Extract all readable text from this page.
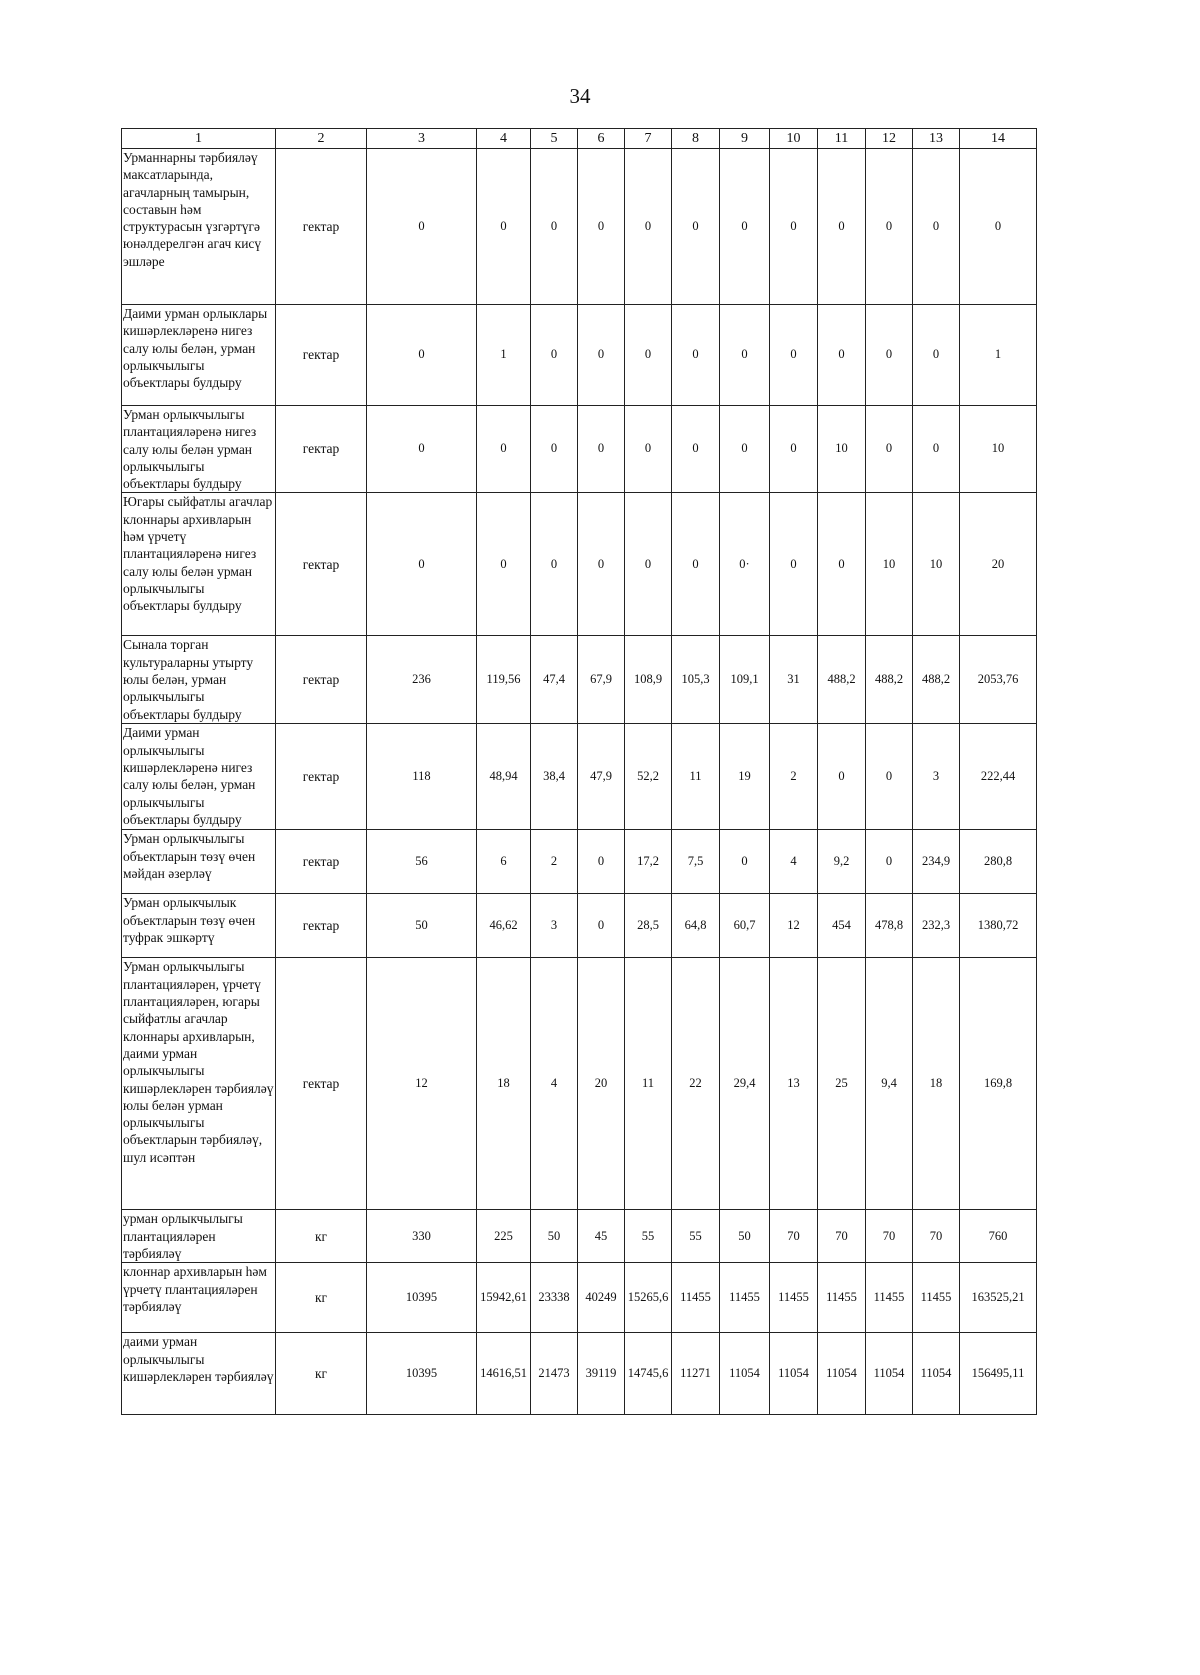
34
1	2	3	4	5	6	7	8	9	10	11	12	13	14
Урманнарны тәрбияләү максатларында, агачларның тамырын, составын һәм структурасын үзгәртүгә юнәлдерелгән агач кисү эшләре	гектар	0	0	0	0	0	0	0	0	0	0	0	0
Даими урман орлыклары кишәрлекләренә нигез салу юлы белән, урман орлыкчылыгы объектлары булдыру	гектар	0	1	0	0	0	0	0	0	0	0	0	1
Урман орлыкчылыгы плантацияләренә нигез салу юлы белән урман орлыкчылыгы объектлары булдыру	гектар	0	0	0	0	0	0	0	0	10	0	0	10
Югары сыйфатлы агачлар клоннары архивларын һәм үрчетү плантацияләренә нигез салу юлы белән урман орлыкчылыгы объектлары булдыру	гектар	0	0	0	0	0	0	0·	0	0	10	10	20
Сынала торган культураларны утырту юлы белән, урман орлыкчылыгы объектлары булдыру	гектар	236	119,56	47,4	67,9	108,9	105,3	109,1	31	488,2	488,2	488,2	2053,76
Даими урман орлыкчылыгы кишәрлекләренә нигез салу юлы белән, урман орлыкчылыгы объектлары булдыру	гектар	118	48,94	38,4	47,9	52,2	11	19	2	0	0	3	222,44
Урман орлыкчылыгы объектларын төзү өчен мәйдан әзерләү	гектар	56	6	2	0	17,2	7,5	0	4	9,2	0	234,9	280,8
Урман орлыкчылык объектларын төзү өчен туфрак эшкәртү	гектар	50	46,62	3	0	28,5	64,8	60,7	12	454	478,8	232,3	1380,72
Урман орлыкчылыгы плантацияләрен, үрчетү плантацияләрен, югары сыйфатлы агачлар клоннары архивларын, даими урман орлыкчылыгы кишәрлекләрен тәрбияләү юлы белән урман орлыкчылыгы объектларын тәрбияләү, шул исәптән	гектар	12	18	4	20	11	22	29,4	13	25	9,4	18	169,8
урман орлыкчылыгы плантацияләрен тәрбияләү	кг	330	225	50	45	55	55	50	70	70	70	70	760
клоннар архивларын һәм үрчетү плантацияләрен тәрбияләү	кг	10395	15942,61	23338	40249	15265,6	11455	11455	11455	11455	11455	11455	163525,21
даими урман орлыкчылыгы кишәрлекләрен тәрбияләү	кг	10395	14616,51	21473	39119	14745,6	11271	11054	11054	11054	11054	11054	156495,11
